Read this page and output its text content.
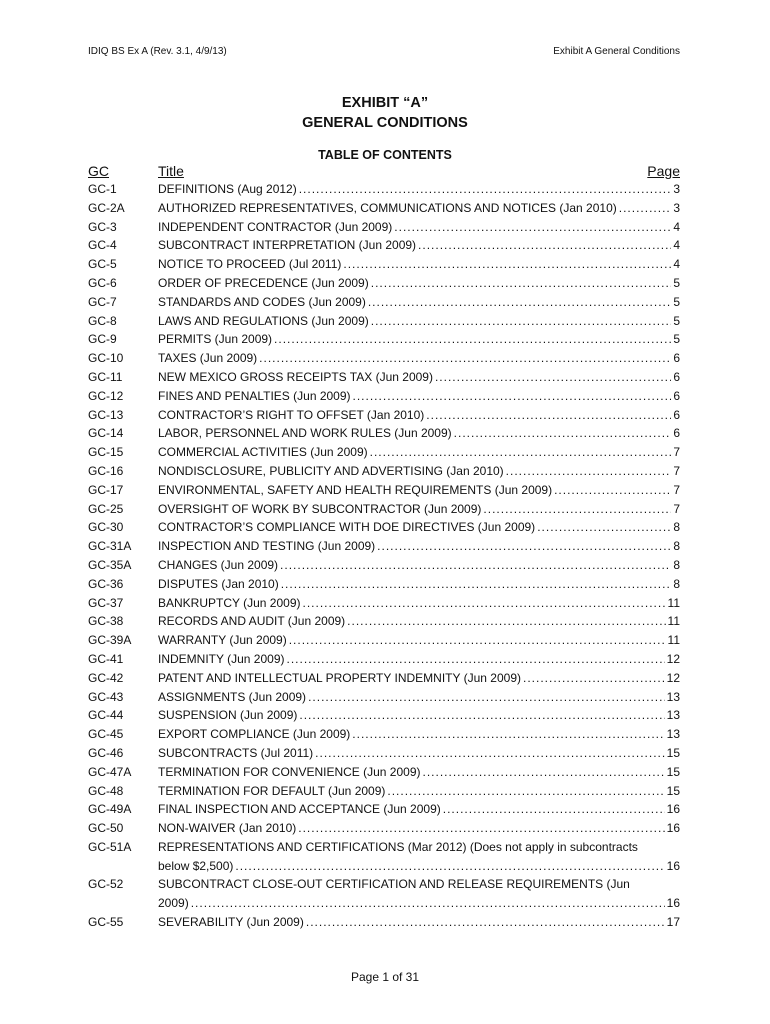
IDIQ BS Ex A (Rev. 3.1, 4/9/13)	Exhibit A General Conditions
EXHIBIT “A”
GENERAL CONDITIONS
TABLE OF CONTENTS
GC	Title	Page
GC-1	DEFINITIONS (Aug 2012) .....	3
GC-2A	AUTHORIZED REPRESENTATIVES, COMMUNICATIONS AND NOTICES (Jan 2010) .....	3
GC-3	INDEPENDENT CONTRACTOR (Jun 2009) .....	4
GC-4	SUBCONTRACT INTERPRETATION (Jun 2009) .....	4
GC-5	NOTICE TO PROCEED (Jul 2011) .....	4
GC-6	ORDER OF PRECEDENCE (Jun 2009) .....	5
GC-7	STANDARDS AND CODES (Jun 2009) .....	5
GC-8	LAWS AND REGULATIONS (Jun 2009) .....	5
GC-9	PERMITS (Jun 2009) .....	5
GC-10	TAXES (Jun 2009) .....	6
GC-11	NEW MEXICO GROSS RECEIPTS TAX (Jun 2009) .....	6
GC-12	FINES AND PENALTIES (Jun 2009) .....	6
GC-13	CONTRACTOR’S RIGHT TO OFFSET (Jan 2010) .....	6
GC-14	LABOR, PERSONNEL AND WORK RULES (Jun 2009) .....	6
GC-15	COMMERCIAL ACTIVITIES (Jun 2009) .....	7
GC-16	NONDISCLOSURE, PUBLICITY AND ADVERTISING (Jan 2010) .....	7
GC-17	ENVIRONMENTAL, SAFETY AND HEALTH REQUIREMENTS (Jun 2009) .....	7
GC-25	OVERSIGHT OF WORK BY SUBCONTRACTOR (Jun 2009) .....	7
GC-30	CONTRACTOR’S COMPLIANCE WITH DOE DIRECTIVES (Jun 2009) .....	8
GC-31A INSPECTION AND TESTING (Jun 2009) .....	8
GC-35A CHANGES (Jun 2009) .....	8
GC-36	DISPUTES (Jan 2010) .....	8
GC-37	BANKRUPTCY (Jun 2009) .....	11
GC-38	RECORDS AND AUDIT (Jun 2009) .....	11
GC-39A WARRANTY (Jun 2009) .....	11
GC-41	INDEMNITY (Jun 2009) .....	12
GC-42	PATENT AND INTELLECTUAL PROPERTY INDEMNITY (Jun 2009) .....	12
GC-43	ASSIGNMENTS (Jun 2009) .....	13
GC-44	SUSPENSION (Jun 2009) .....	13
GC-45	EXPORT COMPLIANCE (Jun 2009) .....	13
GC-46	SUBCONTRACTS (Jul 2011) .....	15
GC-47A TERMINATION FOR CONVENIENCE (Jun 2009) .....	15
GC-48	TERMINATION FOR DEFAULT (Jun 2009) .....	15
GC-49A FINAL INSPECTION AND ACCEPTANCE (Jun 2009) .....	16
GC-50	NON-WAIVER (Jan 2010) .....	16
GC-51A REPRESENTATIONS AND CERTIFICATIONS (Mar 2012) (Does not apply in subcontracts
below $2,500) .....	16
GC-52	SUBCONTRACT CLOSE-OUT CERTIFICATION AND RELEASE REQUIREMENTS (Jun
2009) .....	16
GC-55	SEVERABILITY (Jun 2009) .....	17
Page 1 of 31
